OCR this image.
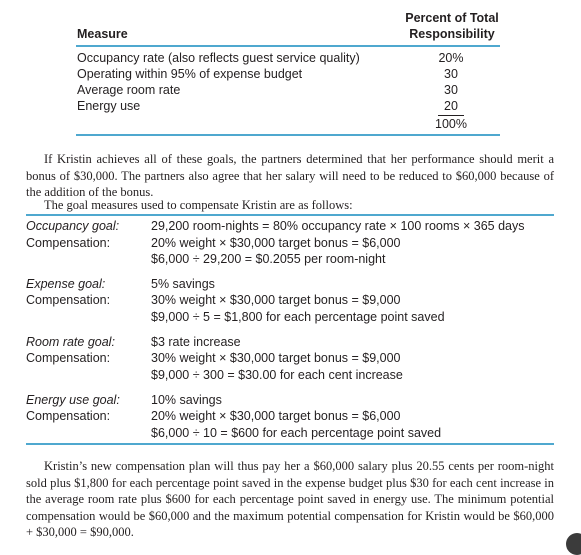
Measure
Percent of Total
Responsibility
Occupancy rate (also reflects guest service quality)	20%
Operating within 95% of expense budget	30
Average room rate	30
Energy use	20
100%
If Kristin achieves all of these goals, the partners determined that her performance should merit a bonus of $30,000. The partners also agree that her salary will need to be reduced to $60,000 because of the addition of the bonus.
The goal measures used to compensate Kristin are as follows:
Occupancy goal:	29,200 room-nights = 80% occupancy rate × 100 rooms × 365 days
Compensation:	20% weight × $30,000 target bonus = $6,000
$6,000 ÷ 29,200 = $0.2055 per room-night
Expense goal:	5% savings
Compensation:	30% weight × $30,000 target bonus = $9,000
$9,000 ÷ 5 = $1,800 for each percentage point saved
Room rate goal:	$3 rate increase
Compensation:	30% weight × $30,000 target bonus = $9,000
$9,000 ÷ 300 = $30.00 for each cent increase
Energy use goal: 10% savings
Compensation:	20% weight × $30,000 target bonus = $6,000
$6,000 ÷ 10 = $600 for each percentage point saved
Kristin’s new compensation plan will thus pay her a $60,000 salary plus 20.55 cents per room-night sold plus $1,800 for each percentage point saved in the expense budget plus $30 for each cent increase in the average room rate plus $600 for each percentage point saved in energy use. The minimum potential compensation would be $60,000 and the maximum potential compensation for Kristin would be $60,000 + $30,000 = $90,000.
